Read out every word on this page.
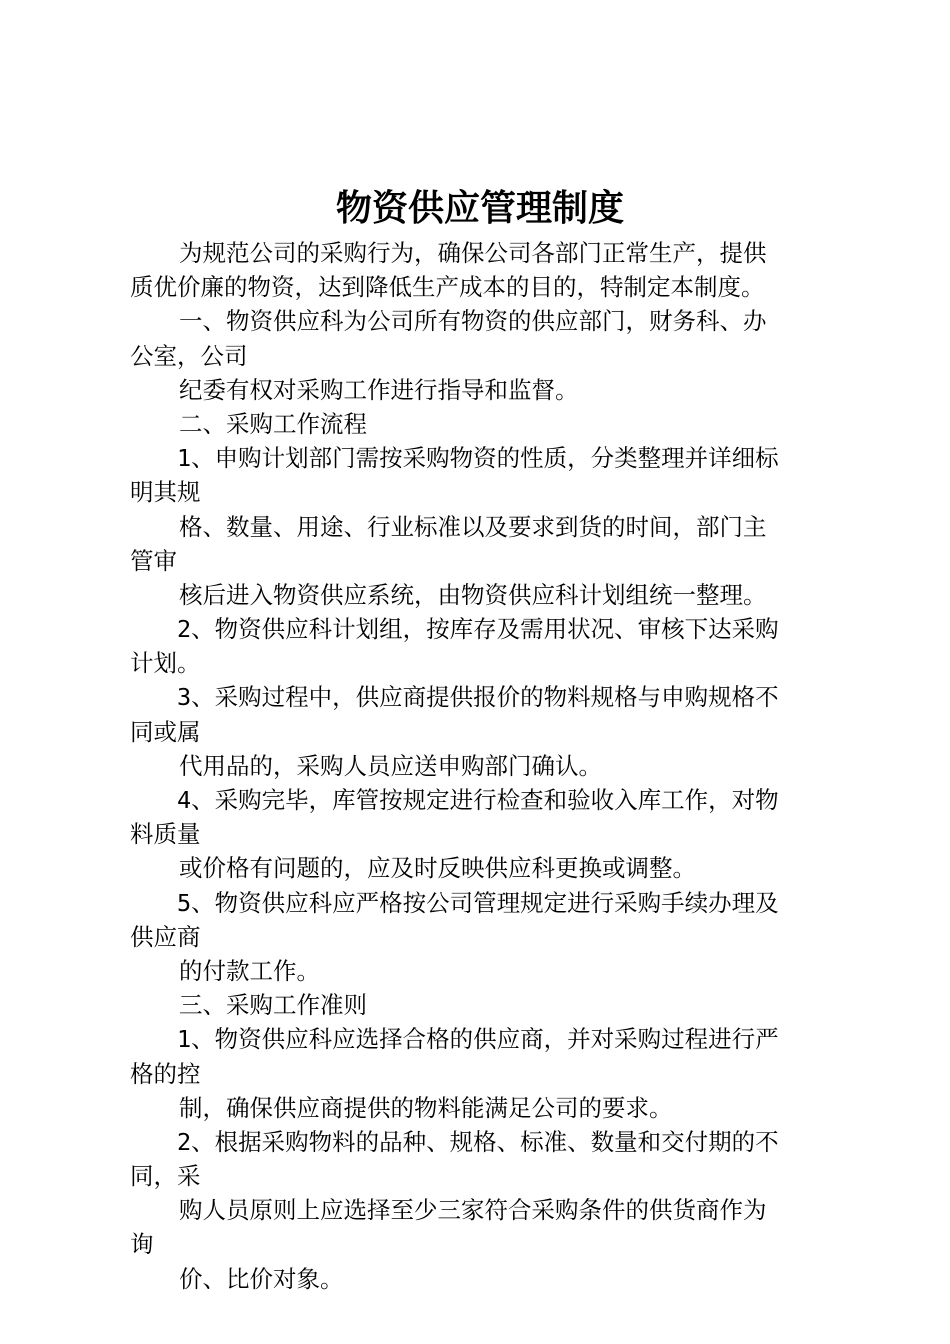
物资供应管理制度
为规范公司的采购行为，确保公司各部门正常生产，提供
质优价廉的物资，达到降低生产成本的目的，特制定本制度。
一、物资供应科为公司所有物资的供应部门，财务科、办
公室，公司
纪委有权对采购工作进行指导和监督。
二、采购工作流程
1、申购计划部门需按采购物资的性质，分类整理并详细标
明其规
格、数量、用途、行业标准以及要求到货的时间，部门主
管审
核后进入物资供应系统，由物资供应科计划组统一整理。
2、物资供应科计划组，按库存及需用状况、审核下达采购
计划。
3、采购过程中，供应商提供报价的物料规格与申购规格不
同或属
代用品的，采购人员应送申购部门确认。
4、采购完毕，库管按规定进行检查和验收入库工作，对物
料质量
或价格有问题的，应及时反映供应科更换或调整。
5、物资供应科应严格按公司管理规定进行采购手续办理及
供应商
的付款工作。
三、采购工作准则
1、物资供应科应选择合格的供应商，并对采购过程进行严
格的控
制，确保供应商提供的物料能满足公司的要求。
2、根据采购物料的品种、规格、标准、数量和交付期的不
同，采
购人员原则上应选择至少三家符合采购条件的供货商作为
询
价、比价对象。
